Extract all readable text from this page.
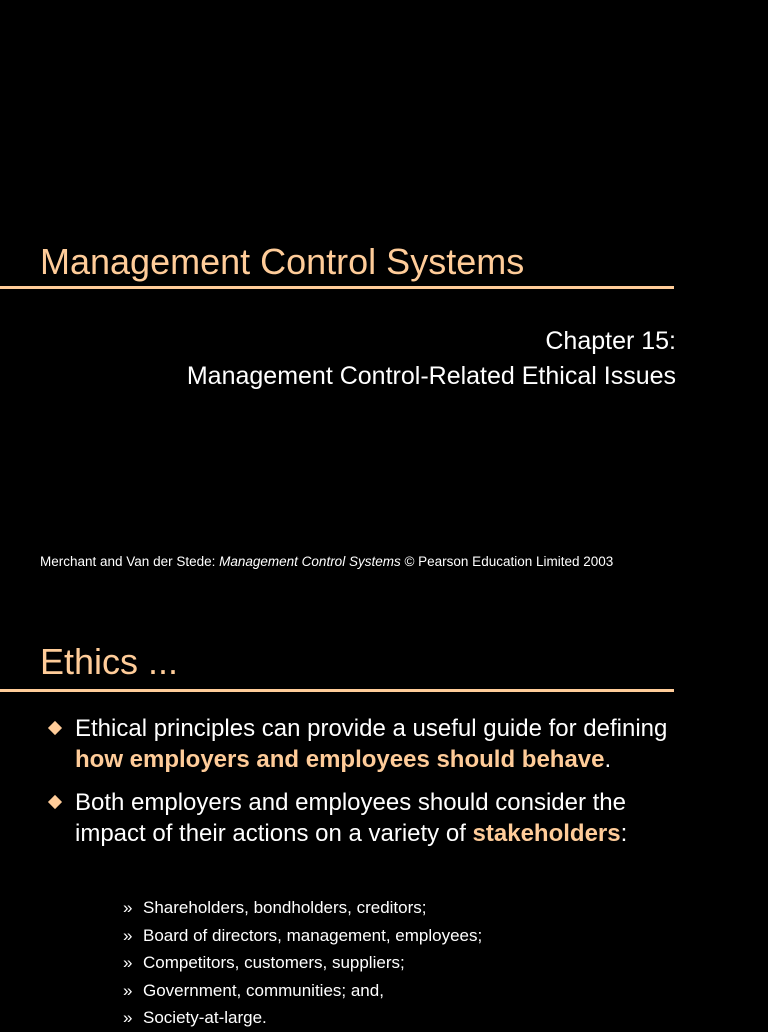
Management Control Systems
Chapter 15:
Management Control-Related Ethical Issues
Merchant and Van der Stede: Management Control Systems © Pearson Education Limited 2003
Ethics ...
Ethical principles can provide a useful guide for defining how employers and employees should behave.
Both employers and employees should consider the impact of their actions on a variety of stakeholders:
» Shareholders, bondholders, creditors;
» Board of directors, management, employees;
» Competitors, customers, suppliers;
» Government, communities; and,
» Society-at-large.
